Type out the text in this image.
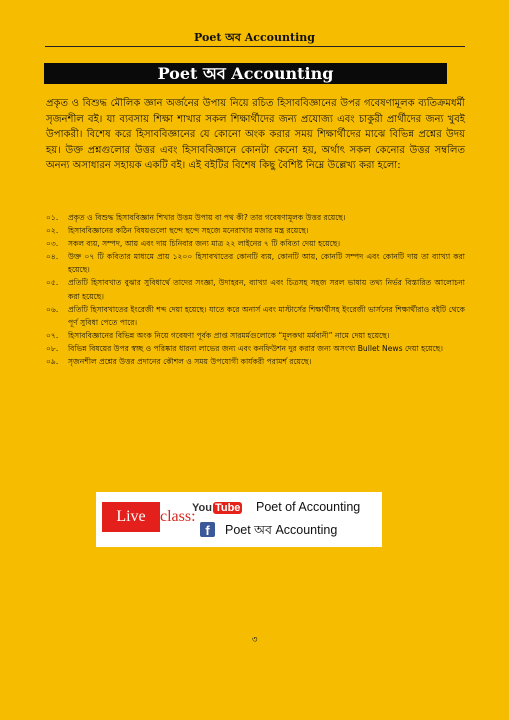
Poet অব Accounting
Poet অব Accounting

প্রকৃত ও বিশুদ্ধ মৌলিক জ্ঞান অর্জনের উপায় নিয়ে রচিত হিসাববিজ্ঞানের উপর গবেষণামূলক ব্যতিক্রমধর্মী সৃজনশীল বই। যা ব্যবসায় শিক্ষা শাখার সকল শিক্ষার্থীদের জন্য প্রযোজ্য এবং চাকুরী প্রার্থীদের জন্য খুবই উপাকরী। বিশেষ করে হিসাববিজ্ঞানের যে কোনো অংক করার সময় শিক্ষার্থীদের মাঝে বিভিন্ন প্রশ্নের উদয় হয়। উক্ত প্রশ্নগুলোর উত্তর এবং হিসাববিজ্ঞানে কোনটা কেনো হয়, অর্থাৎ সকল কেনোর উত্তর সম্বলিত অনন্য অসাধারন সহায়ক একটি বই। এই বইটির বিশেষ কিছু বৈশিষ্ট নিম্নে উল্লেখ্য করা হলো:

০১. প্রকৃত ও বিশুদ্ধ হিসাববিজ্ঞান শিখার উত্তম উপায় বা পথ কী? তার গবেষণামূলক উত্তর রয়েছে।
০২. হিসাববিজ্ঞানের কঠিন বিষয়গুলো ছন্দে ছন্দে সহজে মনেরাখার মজার মন্ত্র রয়েছে।
০৩. সকল ব্যয়, সম্পদ, আয় এবং দায় চিনিবার জন্য মাত্র ২২ লাইনের ৭ টি কবিতা দেয়া হয়েছে।
০৪. উক্ত ০৭ টি কবিতার মাধ্যমে প্রায় ১২০০ হিসাবখাতের কোনটি ব্যয়, কোনটি আয়, কোনটি সম্পদ এবং কোনটি দায় তা ব্যাখ্যা করা হয়েছে।
০৫. প্রতিটি হিসাবখাত বুঝার সুবিধার্থে তাদের সংজ্ঞা, উদাহরন, ব্যাখ্যা এবং চিত্রসহ সহজ সরল ভাষায় তথ্য নির্ভর বিস্তারিত আলোচনা করা হয়েছে।
০৬. প্রতিটি হিসাবখাতের ইংরেজী শব্দ দেয়া হয়েছে। যাতে করে অনার্স এবং মাস্টার্সের শিক্ষার্থীসহ ইংরেজী ভার্সনের শিক্ষার্থীরাও বইটি থেকে পূর্ণ সুবিধা পেতে পারে।
০৭. হিসাববিজ্ঞানের বিভিন্ন অংক নিয়ে গবেষণা পূর্বক প্রাপ্ত সারমর্মগুলোকে “মূলকথা মর্মবানী” নামে দেয়া হয়েছে।
০৮. বিভিন্ন বিষয়ের উপর স্বচ্ছ ও পরিষ্কার ধারনা লাভের জন্য এবং কনফিউশন দুর করার জন্য অসংখ্য Bullet News দেয়া হয়েছে।
০৯. সৃজনশীল প্রশ্নের উত্তর প্রদানের কৌশল ও সময় উপযোগী কার্যকরী পরামর্শ রয়েছে।
Live class:
You Tube	Poet of Accounting
f	Poet অব Accounting
৩
